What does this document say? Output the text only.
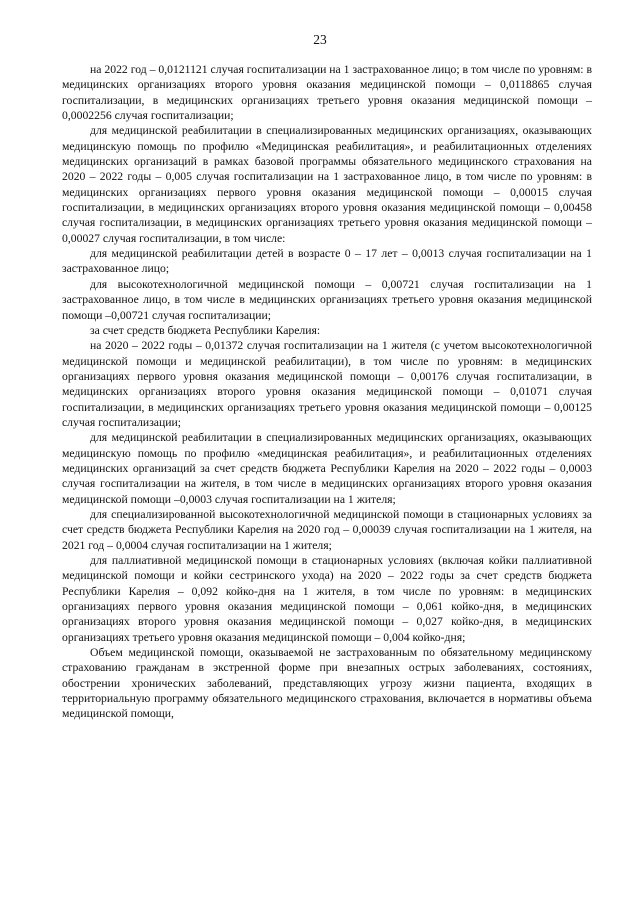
23

на 2022 год – 0,0121121 случая госпитализации на 1 застрахованное лицо; в том числе по уровням: в медицинских организациях второго уровня оказания медицинской помощи – 0,0118865 случая госпитализации, в медицинских организациях третьего уровня оказания медицинской помощи – 0,0002256 случая госпитализации;

для медицинской реабилитации в специализированных медицинских организациях, оказывающих медицинскую помощь по профилю «Медицинская реабилитация», и реабилитационных отделениях медицинских организаций в рамках базовой программы обязательного медицинского страхования на 2020 – 2022 годы – 0,005 случая госпитализации на 1 застрахованное лицо, в том числе по уровням: в медицинских организациях первого уровня оказания медицинской помощи – 0,00015 случая госпитализации, в медицинских организациях второго уровня оказания медицинской помощи – 0,00458 случая госпитализации, в медицинских организациях третьего уровня оказания медицинской помощи – 0,00027 случая госпитализации, в том числе:

для медицинской реабилитации детей в возрасте 0 – 17 лет – 0,0013 случая госпитализации на 1 застрахованное лицо;

для высокотехнологичной медицинской помощи – 0,00721 случая госпитализации на 1 застрахованное лицо, в том числе в медицинских организациях третьего уровня оказания медицинской помощи –0,00721 случая госпитализации;

за счет средств бюджета Республики Карелия:

на 2020 – 2022 годы – 0,01372 случая госпитализации на 1 жителя (с учетом высокотехнологичной медицинской помощи и медицинской реабилитации), в том числе по уровням: в медицинских организациях первого уровня оказания медицинской помощи – 0,00176 случая госпитализации, в медицинских организациях второго уровня оказания медицинской помощи – 0,01071 случая госпитализации, в медицинских организациях третьего уровня оказания медицинской помощи – 0,00125 случая госпитализации;

для медицинской реабилитации в специализированных медицинских организациях, оказывающих медицинскую помощь по профилю «медицинская реабилитация», и реабилитационных отделениях медицинских организаций за счет средств бюджета Республики Карелия на 2020 – 2022 годы – 0,0003 случая госпитализации на жителя, в том числе в медицинских организациях второго уровня оказания медицинской помощи –0,0003 случая госпитализации на 1 жителя;

для специализированной высокотехнологичной медицинской помощи в стационарных условиях за счет средств бюджета Республики Карелия на 2020 год – 0,00039 случая госпитализации на 1 жителя, на 2021 год – 0,0004 случая госпитализации на 1 жителя;

для паллиативной медицинской помощи в стационарных условиях (включая койки паллиативной медицинской помощи и койки сестринского ухода) на 2020 – 2022 годы за счет средств бюджета Республики Карелия – 0,092 койко-дня на 1 жителя, в том числе по уровням: в медицинских организациях первого уровня оказания медицинской помощи – 0,061 койко-дня, в медицинских организациях второго уровня оказания медицинской помощи – 0,027 койко-дня, в медицинских организациях третьего уровня оказания медицинской помощи – 0,004 койко-дня;

Объем медицинской помощи, оказываемой не застрахованным по обязательному медицинскому страхованию гражданам в экстренной форме при внезапных острых заболеваниях, состояниях, обострении хронических заболеваний, представляющих угрозу жизни пациента, входящих в территориальную программу обязательного медицинского страхования, включается в нормативы объема медицинской помощи,
